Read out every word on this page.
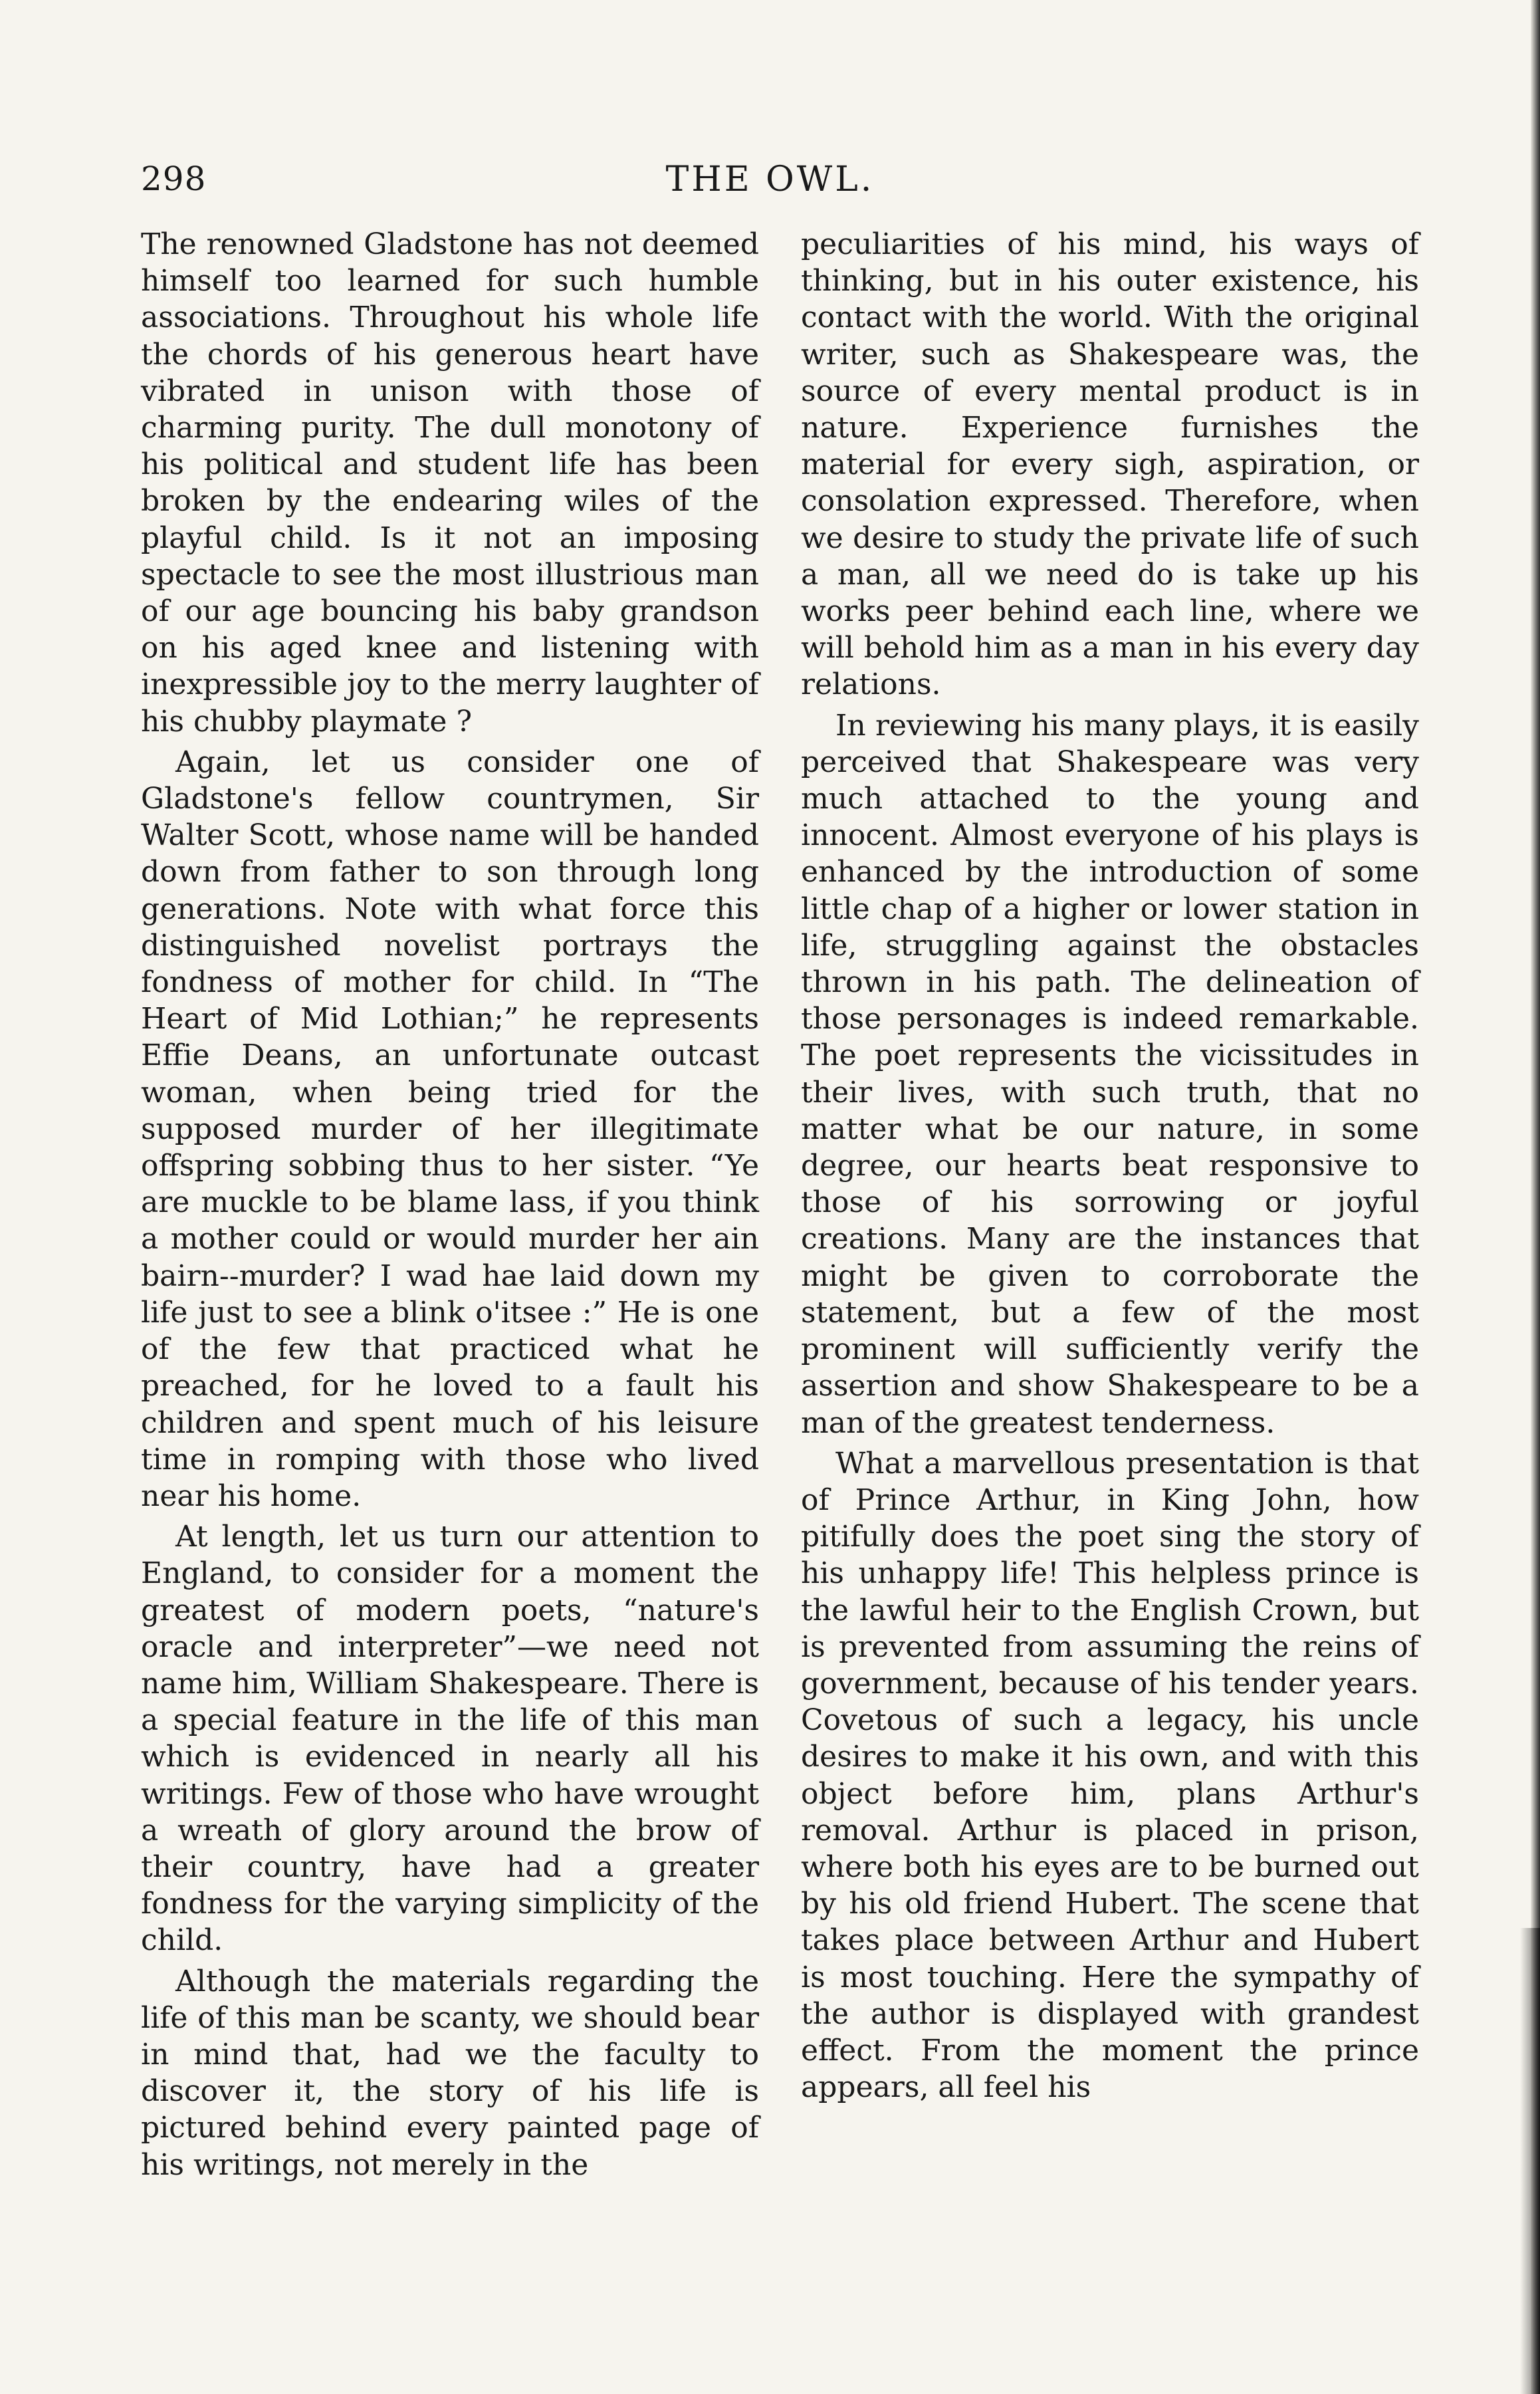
298	THE OWL.

The renowned Gladstone has not deemed himself too learned for such humble associations. Throughout his whole life the chords of his generous heart have vibrated in unison with those of charming purity. The dull monotony of his political and student life has been broken by the endearing wiles of the playful child. Is it not an imposing spectacle to see the most illustrious man of our age bouncing his baby grandson on his aged knee and listening with inexpressible joy to the merry laughter of his chubby playmate ?

Again, let us consider one of Gladstone's fellow countrymen, Sir Walter Scott, whose name will be handed down from father to son through long generations. Note with what force this distinguished novelist portrays the fondness of mother for child. In “The Heart of Mid Lothian;” he represents Effie Deans, an unfortunate outcast woman, when being tried for the supposed murder of her illegitimate offspring sobbing thus to her sister. “Ye are muckle to be blame lass, if you think a mother could or would murder her ain bairn--murder? I wad hae laid down my life just to see a blink o'itsee :” He is one of the few that practiced what he preached, for he loved to a fault his children and spent much of his leisure time in romping with those who lived near his home.

At length, let us turn our attention to England, to consider for a moment the greatest of modern poets, “nature's oracle and interpreter”—we need not name him, William Shakespeare. There is a special feature in the life of this man which is evidenced in nearly all his writings. Few of those who have wrought a wreath of glory around the brow of their country, have had a greater fondness for the varying simplicity of the child.

Although the materials regarding the life of this man be scanty, we should bear in mind that, had we the faculty to discover it, the story of his life is pictured behind every painted page of his writings, not merely in the

peculiarities of his mind, his ways of thinking, but in his outer existence, his contact with the world. With the original writer, such as Shakespeare was, the source of every mental product is in nature. Experience furnishes the material for every sigh, aspiration, or consolation expressed. Therefore, when we desire to study the private life of such a man, all we need do is take up his works peer behind each line, where we will behold him as a man in his every day relations.

In reviewing his many plays, it is easily perceived that Shakespeare was very much attached to the young and innocent. Almost everyone of his plays is enhanced by the introduction of some little chap of a higher or lower station in life, struggling against the obstacles thrown in his path. The delineation of those personages is indeed remarkable. The poet represents the vicissitudes in their lives, with such truth, that no matter what be our nature, in some degree, our hearts beat responsive to those of his sorrowing or joyful creations. Many are the instances that might be given to corroborate the statement, but a few of the most prominent will sufficiently verify the assertion and show Shakespeare to be a man of the greatest tenderness.

What a marvellous presentation is that of Prince Arthur, in King John, how pitifully does the poet sing the story of his unhappy life! This helpless prince is the lawful heir to the English Crown, but is prevented from assuming the reins of government, because of his tender years. Covetous of such a legacy, his uncle desires to make it his own, and with this object before him, plans Arthur's removal. Arthur is placed in prison, where both his eyes are to be burned out by his old friend Hubert. The scene that takes place between Arthur and Hubert is most touching. Here the sympathy of the author is displayed with grandest effect. From the moment the prince appears, all feel his
